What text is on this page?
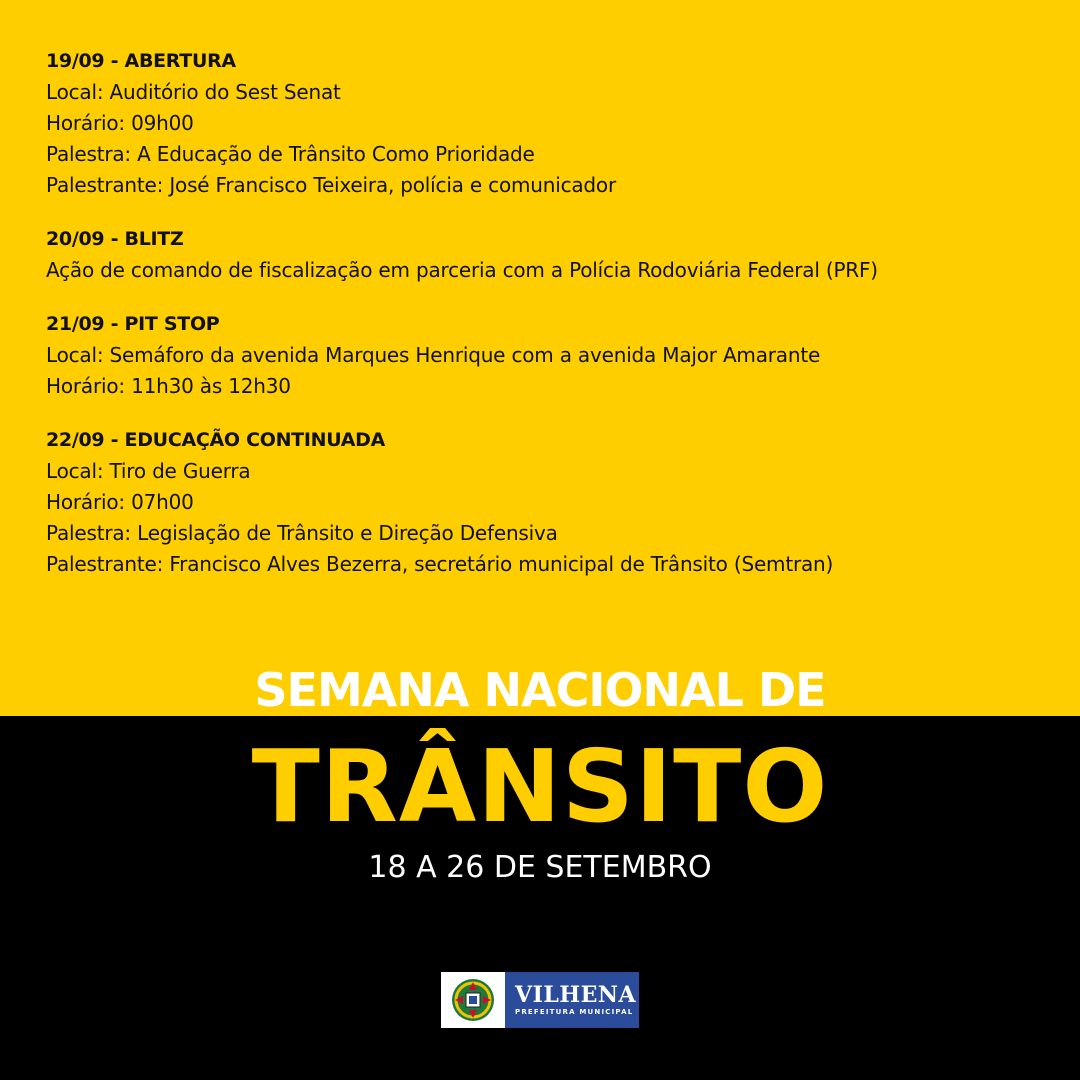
19/09 - ABERTURA
Local: Auditório do Sest Senat
Horário: 09h00
Palestra: A Educação de Trânsito Como Prioridade
Palestrante: José Francisco Teixeira, polícia e comunicador
20/09 - BLITZ
Ação de comando de fiscalização em parceria com a Polícia Rodoviária Federal (PRF)
21/09 - PIT STOP
Local: Semáforo da avenida Marques Henrique com a avenida Major Amarante
Horário: 11h30 às 12h30
22/09 - EDUCAÇÃO CONTINUADA
Local: Tiro de Guerra
Horário: 07h00
Palestra: Legislação de Trânsito e Direção Defensiva
Palestrante: Francisco Alves Bezerra, secretário municipal de Trânsito (Semtran)
SEMANA NACIONAL DE
TRÂNSITO
18 A 26 DE SETEMBRO
VILHENA
PREFEITURA MUNICIPAL
